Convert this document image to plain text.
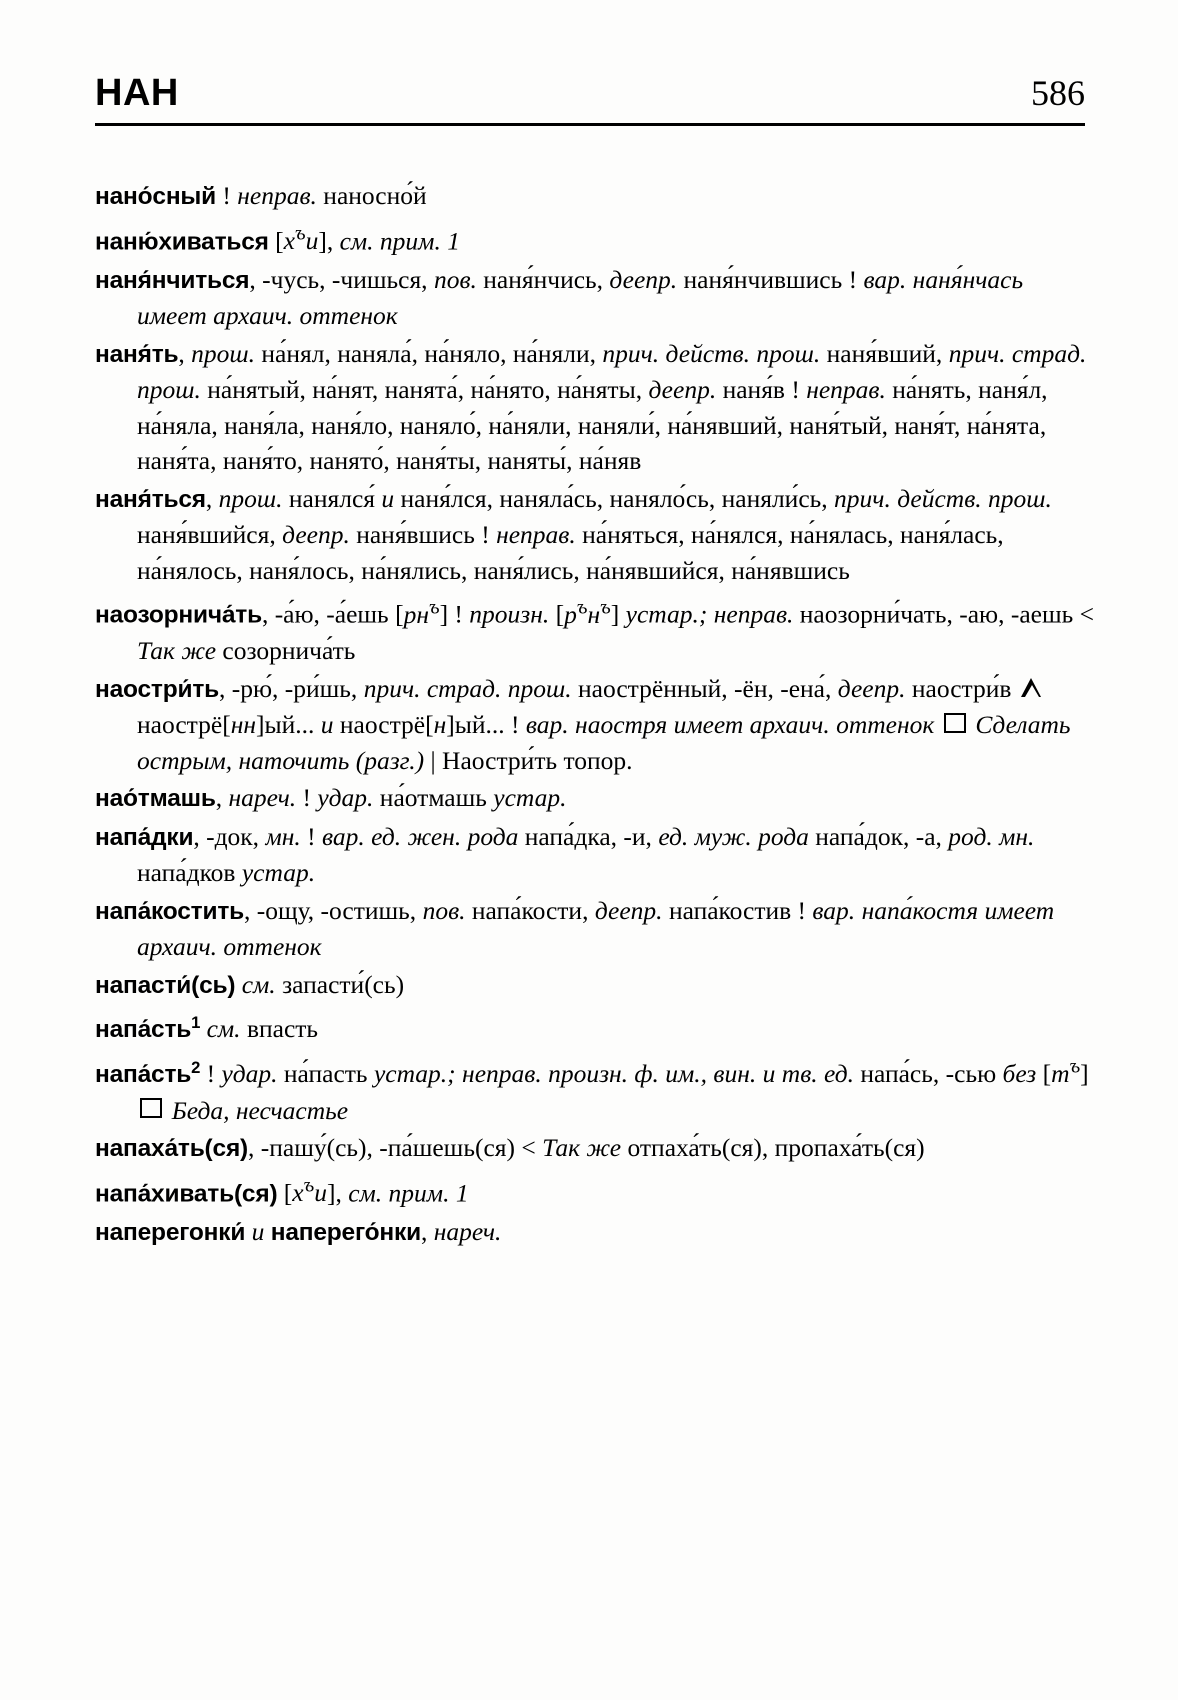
НАН	586

нано́сный ! неправ. наносно́й

наню́хиваться $[х^ъи]$, см. прим. 1

наня́нчиться, -чусь, -чишься, пов. наня́нчись, деепр. наня́нчившись ! вар. наня́нчась имеет архаич. оттенок

наня́ть, прош. на́нял, наняла́, на́няло, на́няли, прич. действ. прош. наня́вший, прич. страд. прош. на́нятый, на́нят, нанята́, на́нято, на́няты, деепр. наня́в ! неправ. на́нять, наня́л, на́няла, наня́ла, наня́ло, наняло́, на́няли, наняли́, на́нявший, наня́тый, наня́т, на́нята, наня́та, наня́то, нанято́, наня́ты, наняты́, на́няв

наня́ться, прош. нанялся́ и наня́лся, наняла́сь, наняло́сь, наняли́сь, прич. действ. прош. наня́вшийся, деепр. наня́вшись ! неправ. на́няться, на́нялся, на́нялась, наня́лась, на́нялось, наня́лось, на́нялись, наня́лись, на́нявшийся, на́нявшись

наозорнича́ть, -а́ю, -а́ешь $[рн^ъ]$ ! произн. $[р^ън^ъ]$ устар.; неправ. наозорни́чать, -аю, -аешь < Так же созорнича́ть

наостри́ть, -рю́, -ри́шь, прич. страд. прош. наострённый, -ён, -ена́, деепр. наостри́в  наострё[нн]ый... и наострё[н]ый... ! вар. наостря имеет архаич. оттенок Сделать острым, наточить (разг.) | Наостри́ть топор.

нао́тмашь, нареч. ! удар. на́отмашь устар.

напа́дки, -док, мн. ! вар. ед. жен. рода напа́дка, -и, ед. муж. рода напа́док, -а, род. мн. напа́дков устар.

напа́костить, -ощу, -остишь, пов. напа́кости, деепр. напа́костив ! вар. напа́костя имеет архаич. оттенок

напасти́(сь) см. запасти́(сь)

напа́сть$^1$ см. впасть

напа́сть$^2$ ! удар. на́пасть устар.; неправ. произн. ф. им., вин. и тв. ед. напа́сь, -сью без $[т^ъ]$  Беда, несчастье

напаха́ть(ся), -пашу́(сь), -па́шешь(ся) < Так же отпаха́ть(ся), пропаха́ть(ся)

напа́хивать(ся) $[х^ъи]$, см. прим. 1

наперегонки́ и наперего́нки, нареч.
